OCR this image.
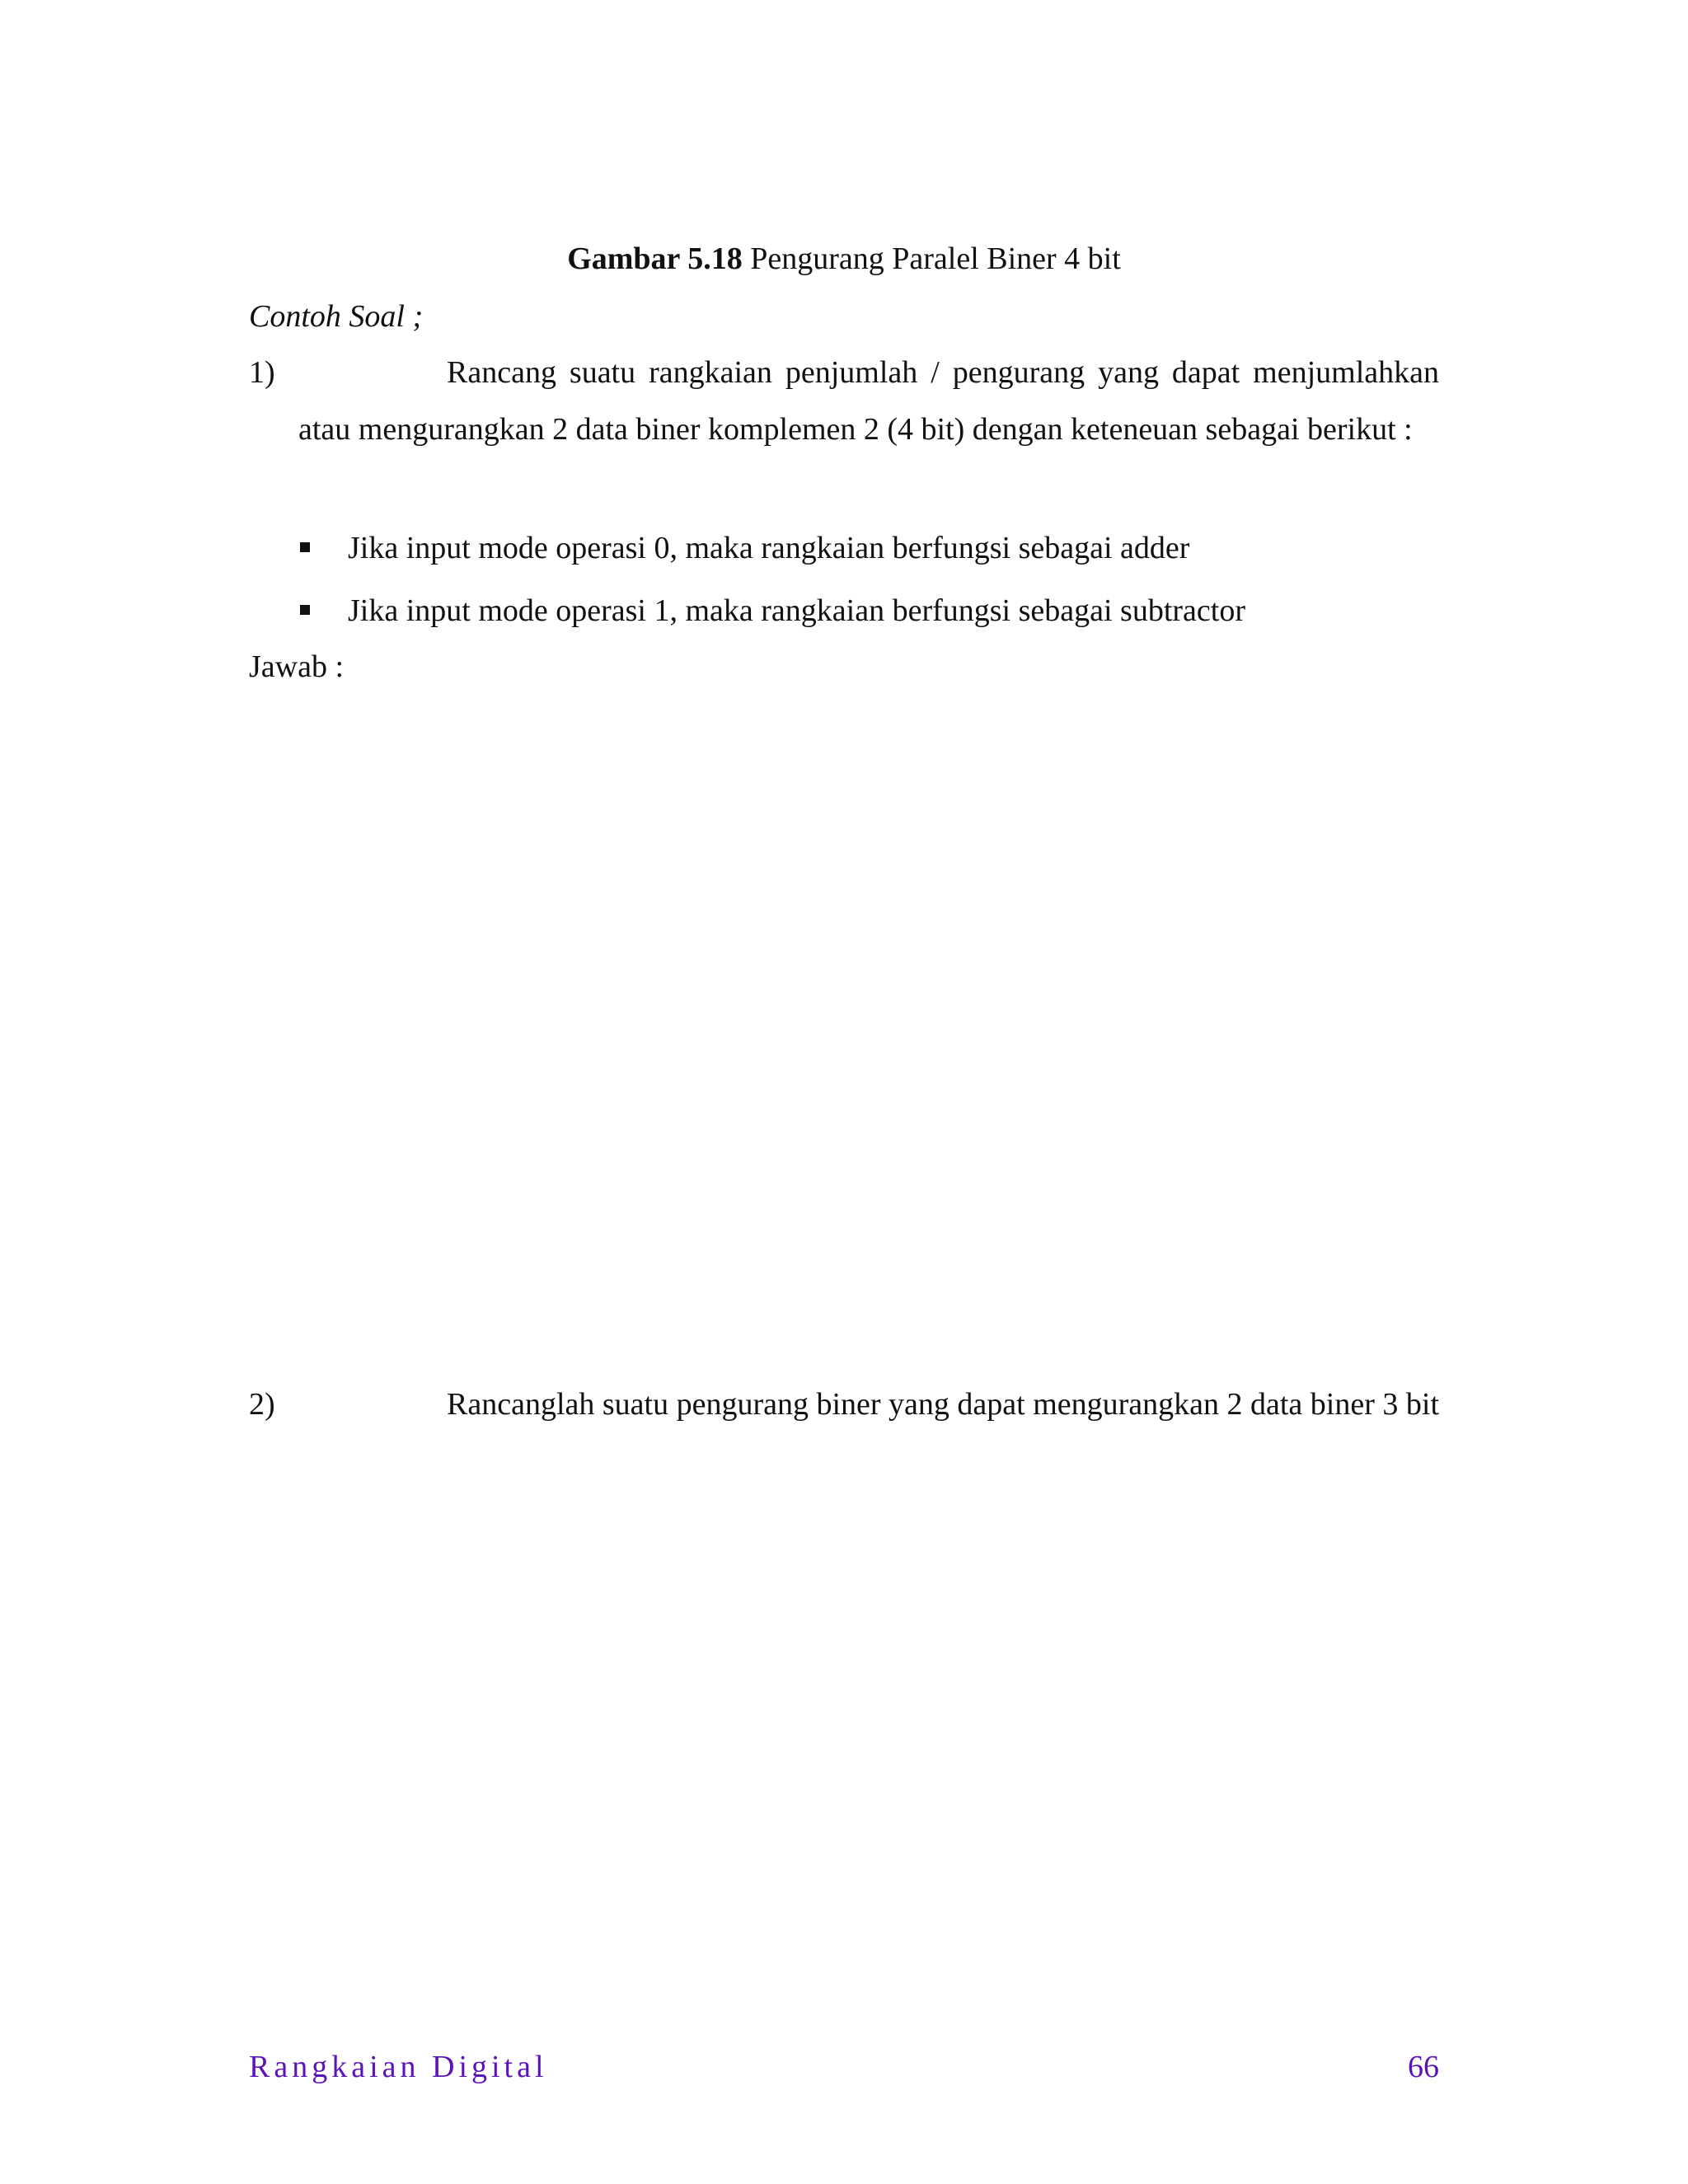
Gambar 5.18 Pengurang Paralel Biner 4 bit
Contoh Soal ;
1)	Rancang suatu rangkaian penjumlah / pengurang yang dapat menjumlahkan atau mengurangkan 2 data biner komplemen 2 (4 bit) dengan keteneuan sebagai berikut :
Jika input mode operasi 0, maka rangkaian berfungsi sebagai adder
Jika input mode operasi 1, maka rangkaian berfungsi sebagai subtractor
Jawab :
2)	Rancanglah suatu pengurang biner yang dapat mengurangkan 2 data biner 3 bit
Rangkaian Digital	66
